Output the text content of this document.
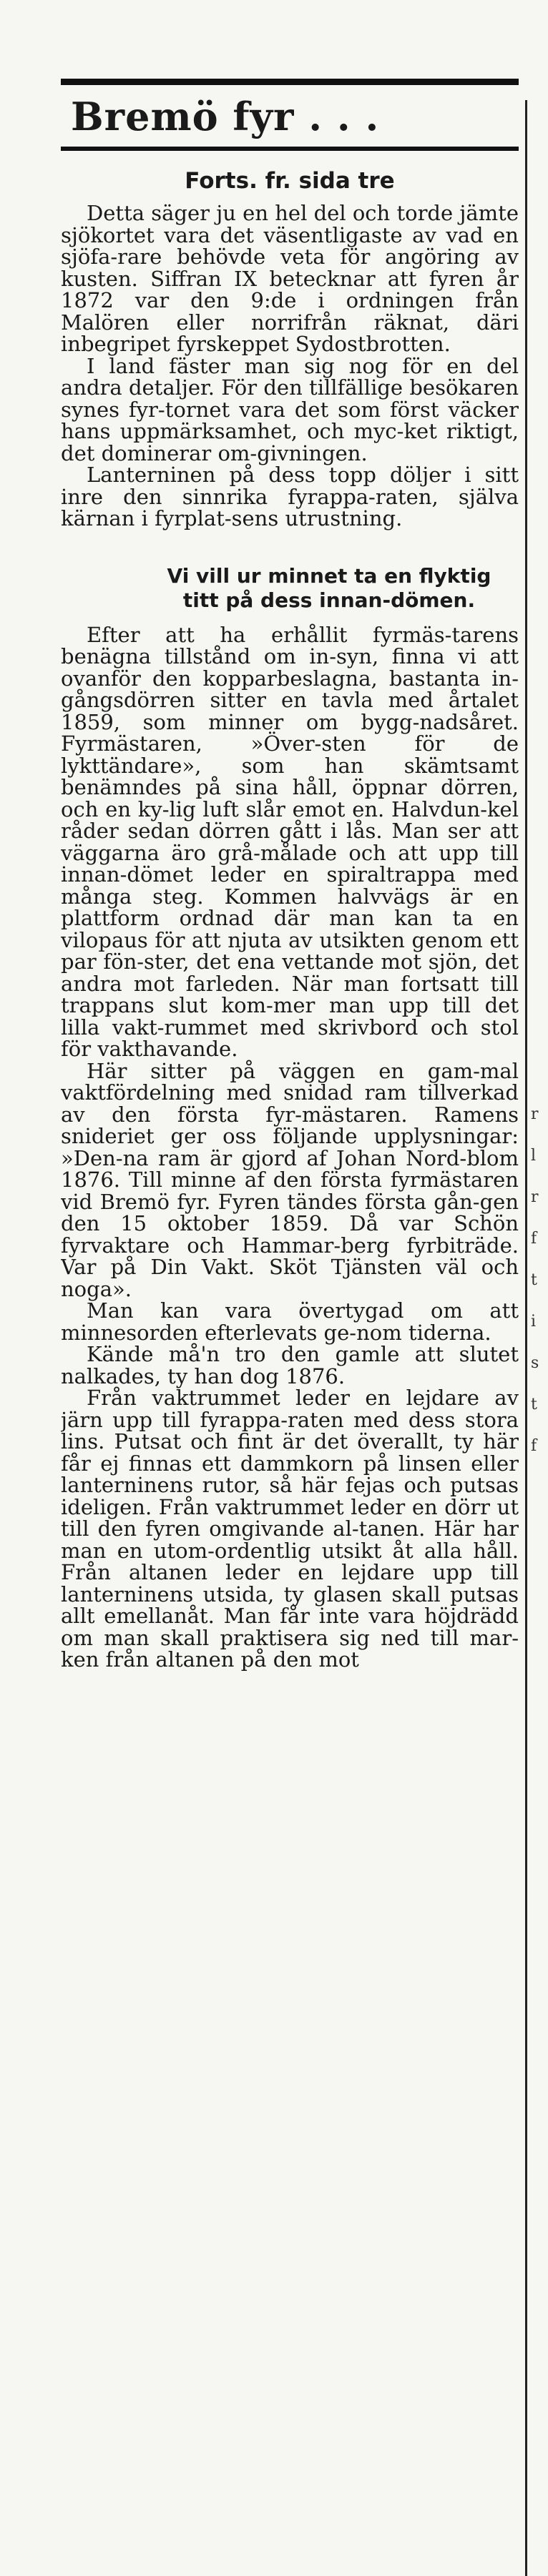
Bremö fyr . . .
Forts. fr. sida tre

Detta säger ju en hel del och torde jämte sjökortet vara det väsentligaste av vad en sjöfa-rare behövde veta för angöring av kusten. Siffran IX betecknar att fyren år 1872 var den 9:de i ordningen från Malören eller norrifrån räknat, däri inbegripet fyrskeppet Sydostbrotten.

I land fäster man sig nog för en del andra detaljer. För den tillfällige besökaren synes fyr-tornet vara det som först väcker hans uppmärksamhet, och myc-ket riktigt, det dominerar om-givningen.

Lanterninen på dess topp döljer i sitt inre den sinnrika fyrappa-raten, själva kärnan i fyrplat-sens utrustning.

Vi vill ur minnet ta en flyktig titt på dess innan-dömen.

Efter att ha erhållit fyrmäs-tarens benägna tillstånd om in-syn, finna vi att ovanför den kopparbeslagna, bastanta in-gångsdörren sitter en tavla med årtalet 1859, som minner om bygg-nadsåret. Fyrmästaren, »Över-sten för de lykttändare», som han skämtsamt benämndes på sina håll, öppnar dörren, och en ky-lig luft slår emot en. Halvdun-kel råder sedan dörren gått i lås. Man ser att väggarna äro grå-målade och att upp till innan-dömet leder en spiraltrappa med många steg. Kommen halvvägs är en plattform ordnad där man kan ta en vilopaus för att njuta av utsikten genom ett par fön-ster, det ena vettande mot sjön, det andra mot farleden. När man fortsatt till trappans slut kom-mer man upp till det lilla vakt-rummet med skrivbord och stol för vakthavande.

Här sitter på väggen en gam-mal vaktfördelning med snidad ram tillverkad av den första fyr-mästaren. Ramens snideriet ger oss följande upplysningar: »Den-na ram är gjord af Johan Nord-blom 1876. Till minne af den första fyrmästaren vid Bremö fyr. Fyren tändes första gån-gen den 15 oktober 1859. Då var Schön fyrvaktare och Hammar-berg fyrbiträde. Var på Din Vakt. Sköt Tjänsten väl och noga».

Man kan vara övertygad om att minnesorden efterlevats ge-nom tiderna.

Kände må'n tro den gamle att slutet nalkades, ty han dog 1876.

Från vaktrummet leder en lejdare av järn upp till fyrappa-raten med dess stora lins. Putsat och fint är det överallt, ty här får ej finnas ett dammkorn på linsen eller lanterninens rutor, så här fejas och putsas ideligen. Från vaktrummet leder en dörr ut till den fyren omgivande al-tanen. Här har man en utom-ordentlig utsikt åt alla håll. Från altanen leder en lejdare upp till lanterninens utsida, ty glasen skall putsas allt emellanåt. Man får inte vara höjdrädd om man skall praktisera sig ned till mar-ken från altanen på den mot

r
l
r
f
t
i
s
t
f
